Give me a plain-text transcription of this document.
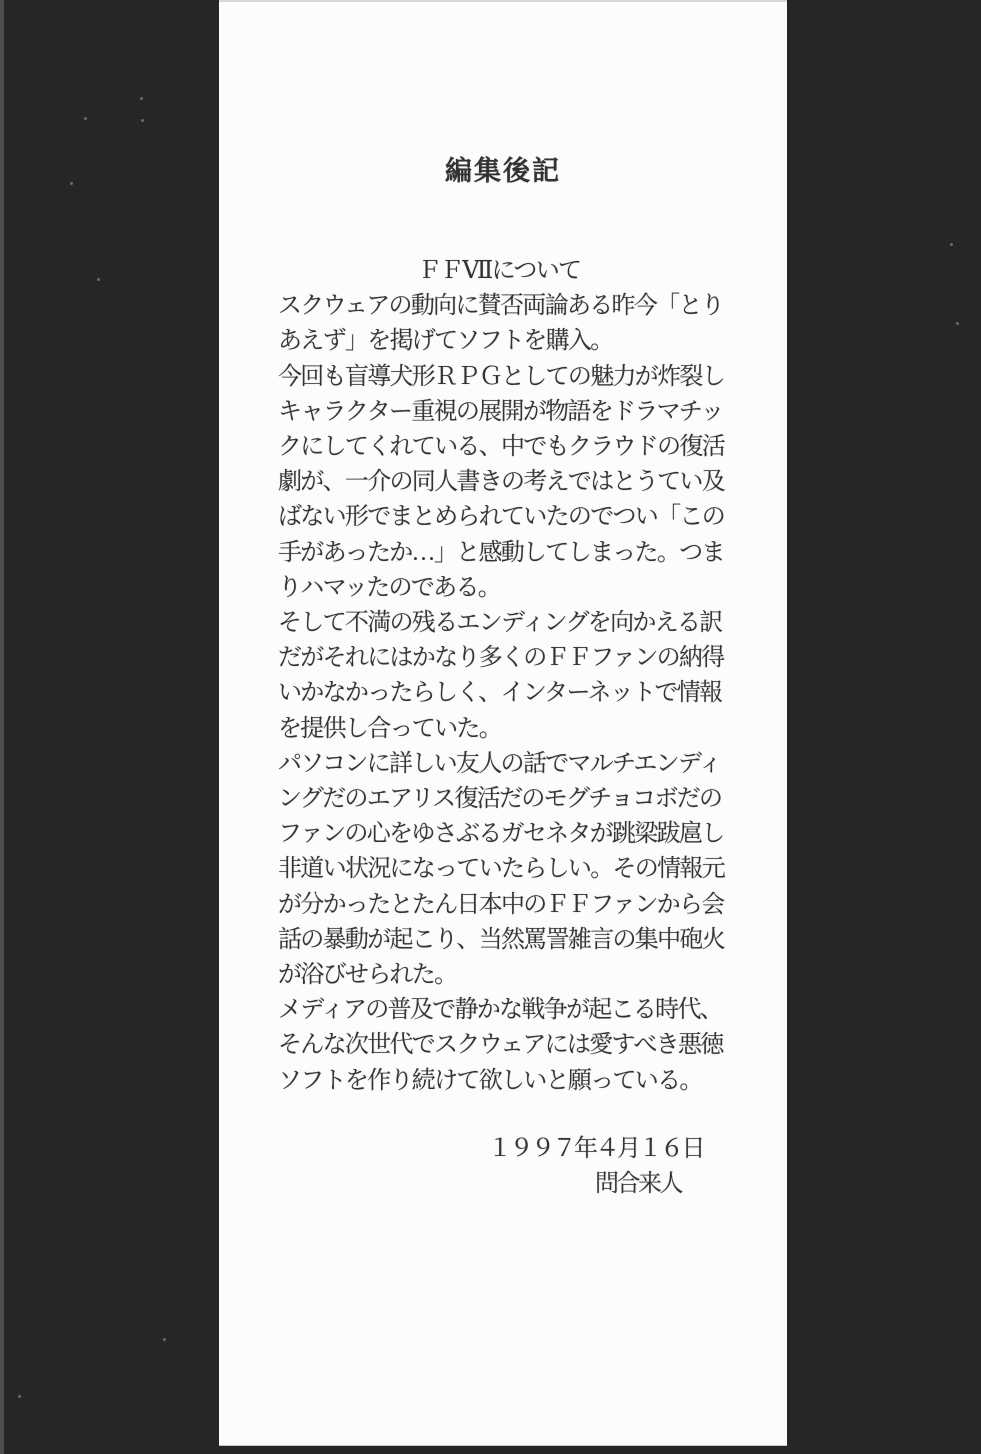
編集後記
ＦＦⅦについて
スクウェアの動向に賛否両論ある昨今「とり
あえず」を掲げてソフトを購入。
今回も盲導犬形ＲＰＧとしての魅力が炸裂し
キャラクター重視の展開が物語をドラマチッ
クにしてくれている、中でもクラウドの復活
劇が、一介の同人書きの考えではとうてい及
ばない形でまとめられていたのでつい「この
手があったか…」と感動してしまった。つま
りハマッたのである。
そして不満の残るエンディングを向かえる訳
だがそれにはかなり多くのＦＦファンの納得
いかなかったらしく、インターネットで情報
を提供し合っていた。
パソコンに詳しい友人の話でマルチエンディ
ングだのエアリス復活だのモグチョコボだの
ファンの心をゆさぶるガセネタが跳梁跋扈し
非道い状況になっていたらしい。その情報元
が分かったとたん日本中のＦＦファンから会
話の暴動が起こり、当然罵詈雑言の集中砲火
が浴びせられた。
メディアの普及で静かな戦争が起こる時代、
そんな次世代でスクウェアには愛すべき悪徳
ソフトを作り続けて欲しいと願っている。
１９９７年４月１６日
問合来人
